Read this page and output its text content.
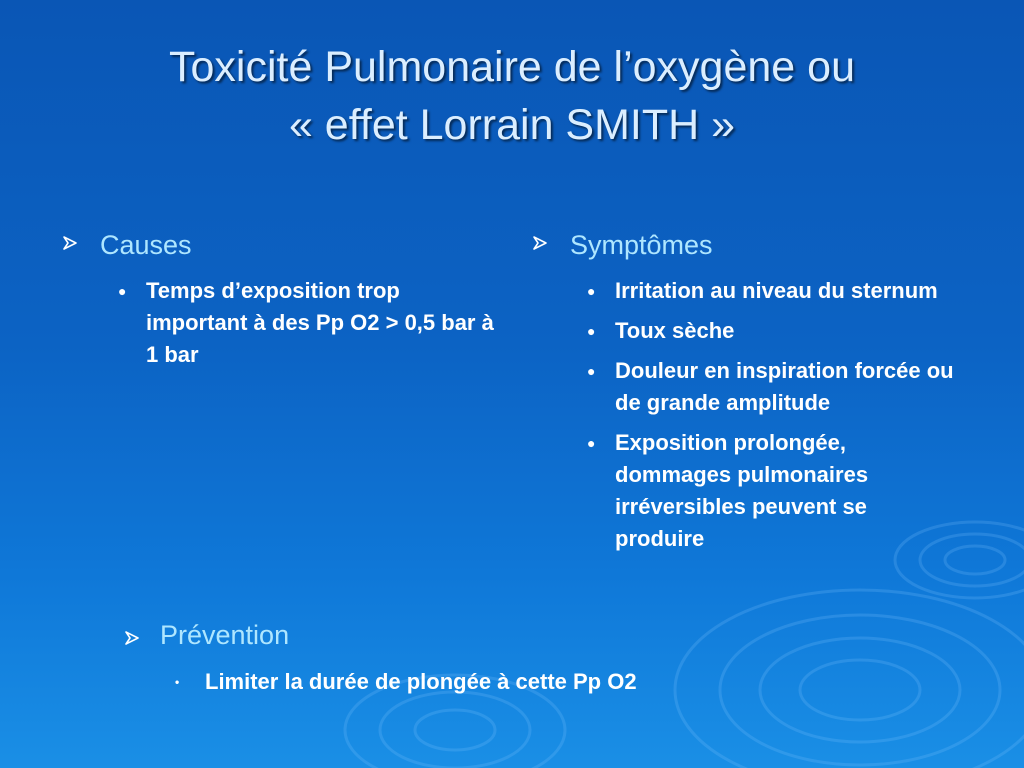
Toxicité Pulmonaire de l’oxygène ou
« effet Lorrain SMITH »
Causes
● Temps d’exposition trop important à des Pp O2 > 0,5 bar à 1 bar
Symptômes
● Irritation au niveau du sternum
● Toux sèche
● Douleur en inspiration forcée ou de grande amplitude
● Exposition prolongée, dommages pulmonaires irréversibles peuvent se produire
Prévention
• Limiter la durée de plongée à cette Pp O2
